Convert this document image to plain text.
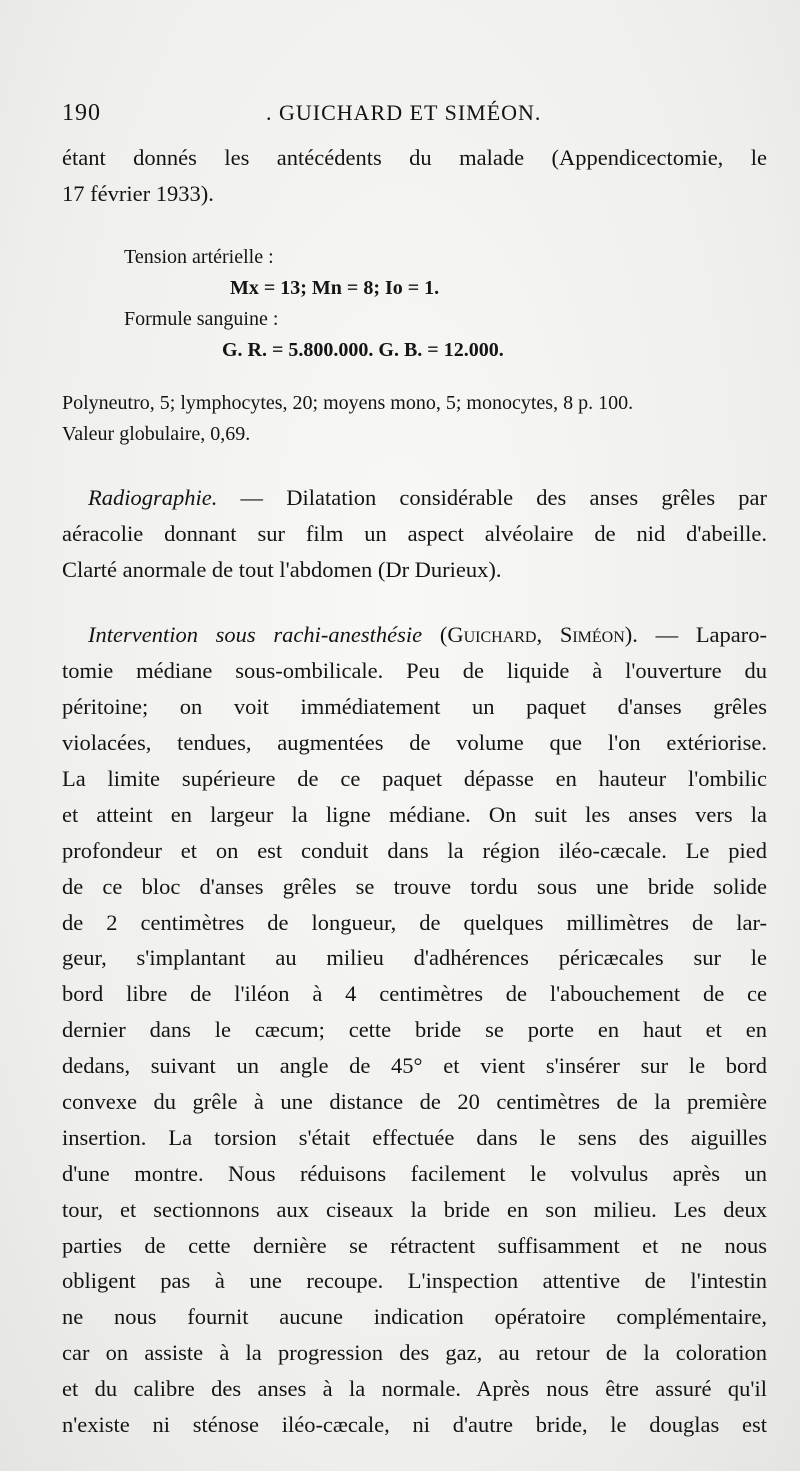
190	. GUICHARD ET SIMÉON.
étant donnés les antécédents du malade (Appendicectomie, le
17 février 1933).
Tension artérielle :
Mx = 13; Mn = 8; Io = 1.
Formule sanguine :
G. R. = 5.800.000. G. B. = 12.000.
Polyneutro, 5; lymphocytes, 20; moyens mono, 5; monocytes, 8 p. 100.
Valeur globulaire, 0,69.
Radiographie. — Dilatation considérable des anses grêles par
aéracolie donnant sur film un aspect alvéolaire de nid d'abeille.
Clarté anormale de tout l'abdomen (Dr Durieux).
Intervention sous rachi-anesthésie (Guichard, Siméon). — Laparo-
tomie médiane sous-ombilicale. Peu de liquide à l'ouverture du
péritoine; on voit immédiatement un paquet d'anses grêles
violacées, tendues, augmentées de volume que l'on extériorise.
La limite supérieure de ce paquet dépasse en hauteur l'ombilic
et atteint en largeur la ligne médiane. On suit les anses vers la
profondeur et on est conduit dans la région iléo-cæcale. Le pied
de ce bloc d'anses grêles se trouve tordu sous une bride solide
de 2 centimètres de longueur, de quelques millimètres de lar-
geur, s'implantant au milieu d'adhérences péricæcales sur le
bord libre de l'iléon à 4 centimètres de l'abouchement de ce
dernier dans le cæcum; cette bride se porte en haut et en
dedans, suivant un angle de 45° et vient s'insérer sur le bord
convexe du grêle à une distance de 20 centimètres de la première
insertion. La torsion s'était effectuée dans le sens des aiguilles
d'une montre. Nous réduisons facilement le volvulus après un
tour, et sectionnons aux ciseaux la bride en son milieu. Les deux
parties de cette dernière se rétractent suffisamment et ne nous
obligent pas à une recoupe. L'inspection attentive de l'intestin
ne nous fournit aucune indication opératoire complémentaire,
car on assiste à la progression des gaz, au retour de la coloration
et du calibre des anses à la normale. Après nous être assuré qu'il
n'existe ni sténose iléo-cæcale, ni d'autre bride, le douglas est
